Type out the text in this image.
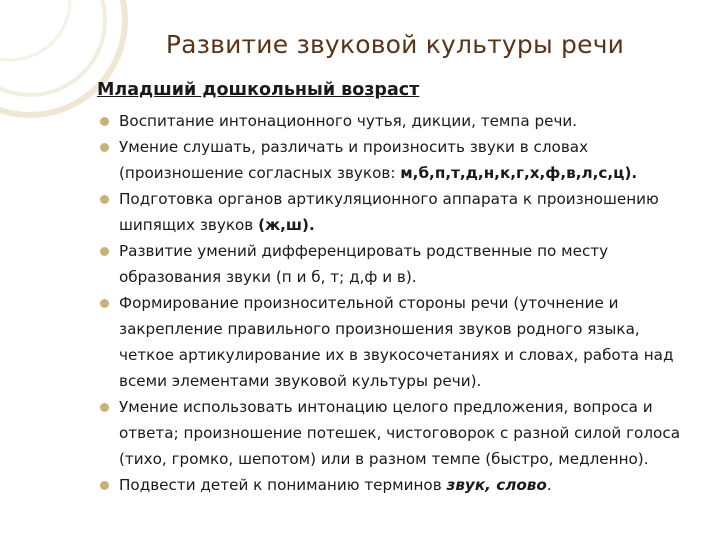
Развитие звуковой культуры речи
Младший дошкольный возраст
Воспитание интонационного чутья, дикции, темпа речи.
Умение слушать, различать и произносить звуки в словах (произношение согласных звуков: м,б,п,т,д,н,к,г,х,ф,в,л,с,ц).
Подготовка органов артикуляционного аппарата к произношению шипящих звуков (ж,ш).
Развитие умений дифференцировать родственные по месту образования звуки (п и б, т; д,ф и в).
Формирование произносительной стороны речи (уточнение и закрепление правильного произношения звуков родного языка, четкое артикулирование их в звукосочетаниях и словах, работа над всеми элементами звуковой культуры речи).
Умение использовать интонацию целого предложения, вопроса и ответа; произношение потешек, чистоговорок с разной силой голоса (тихо, громко, шепотом) или в разном темпе (быстро, медленно).
Подвести детей к пониманию терминов звук, слово.
